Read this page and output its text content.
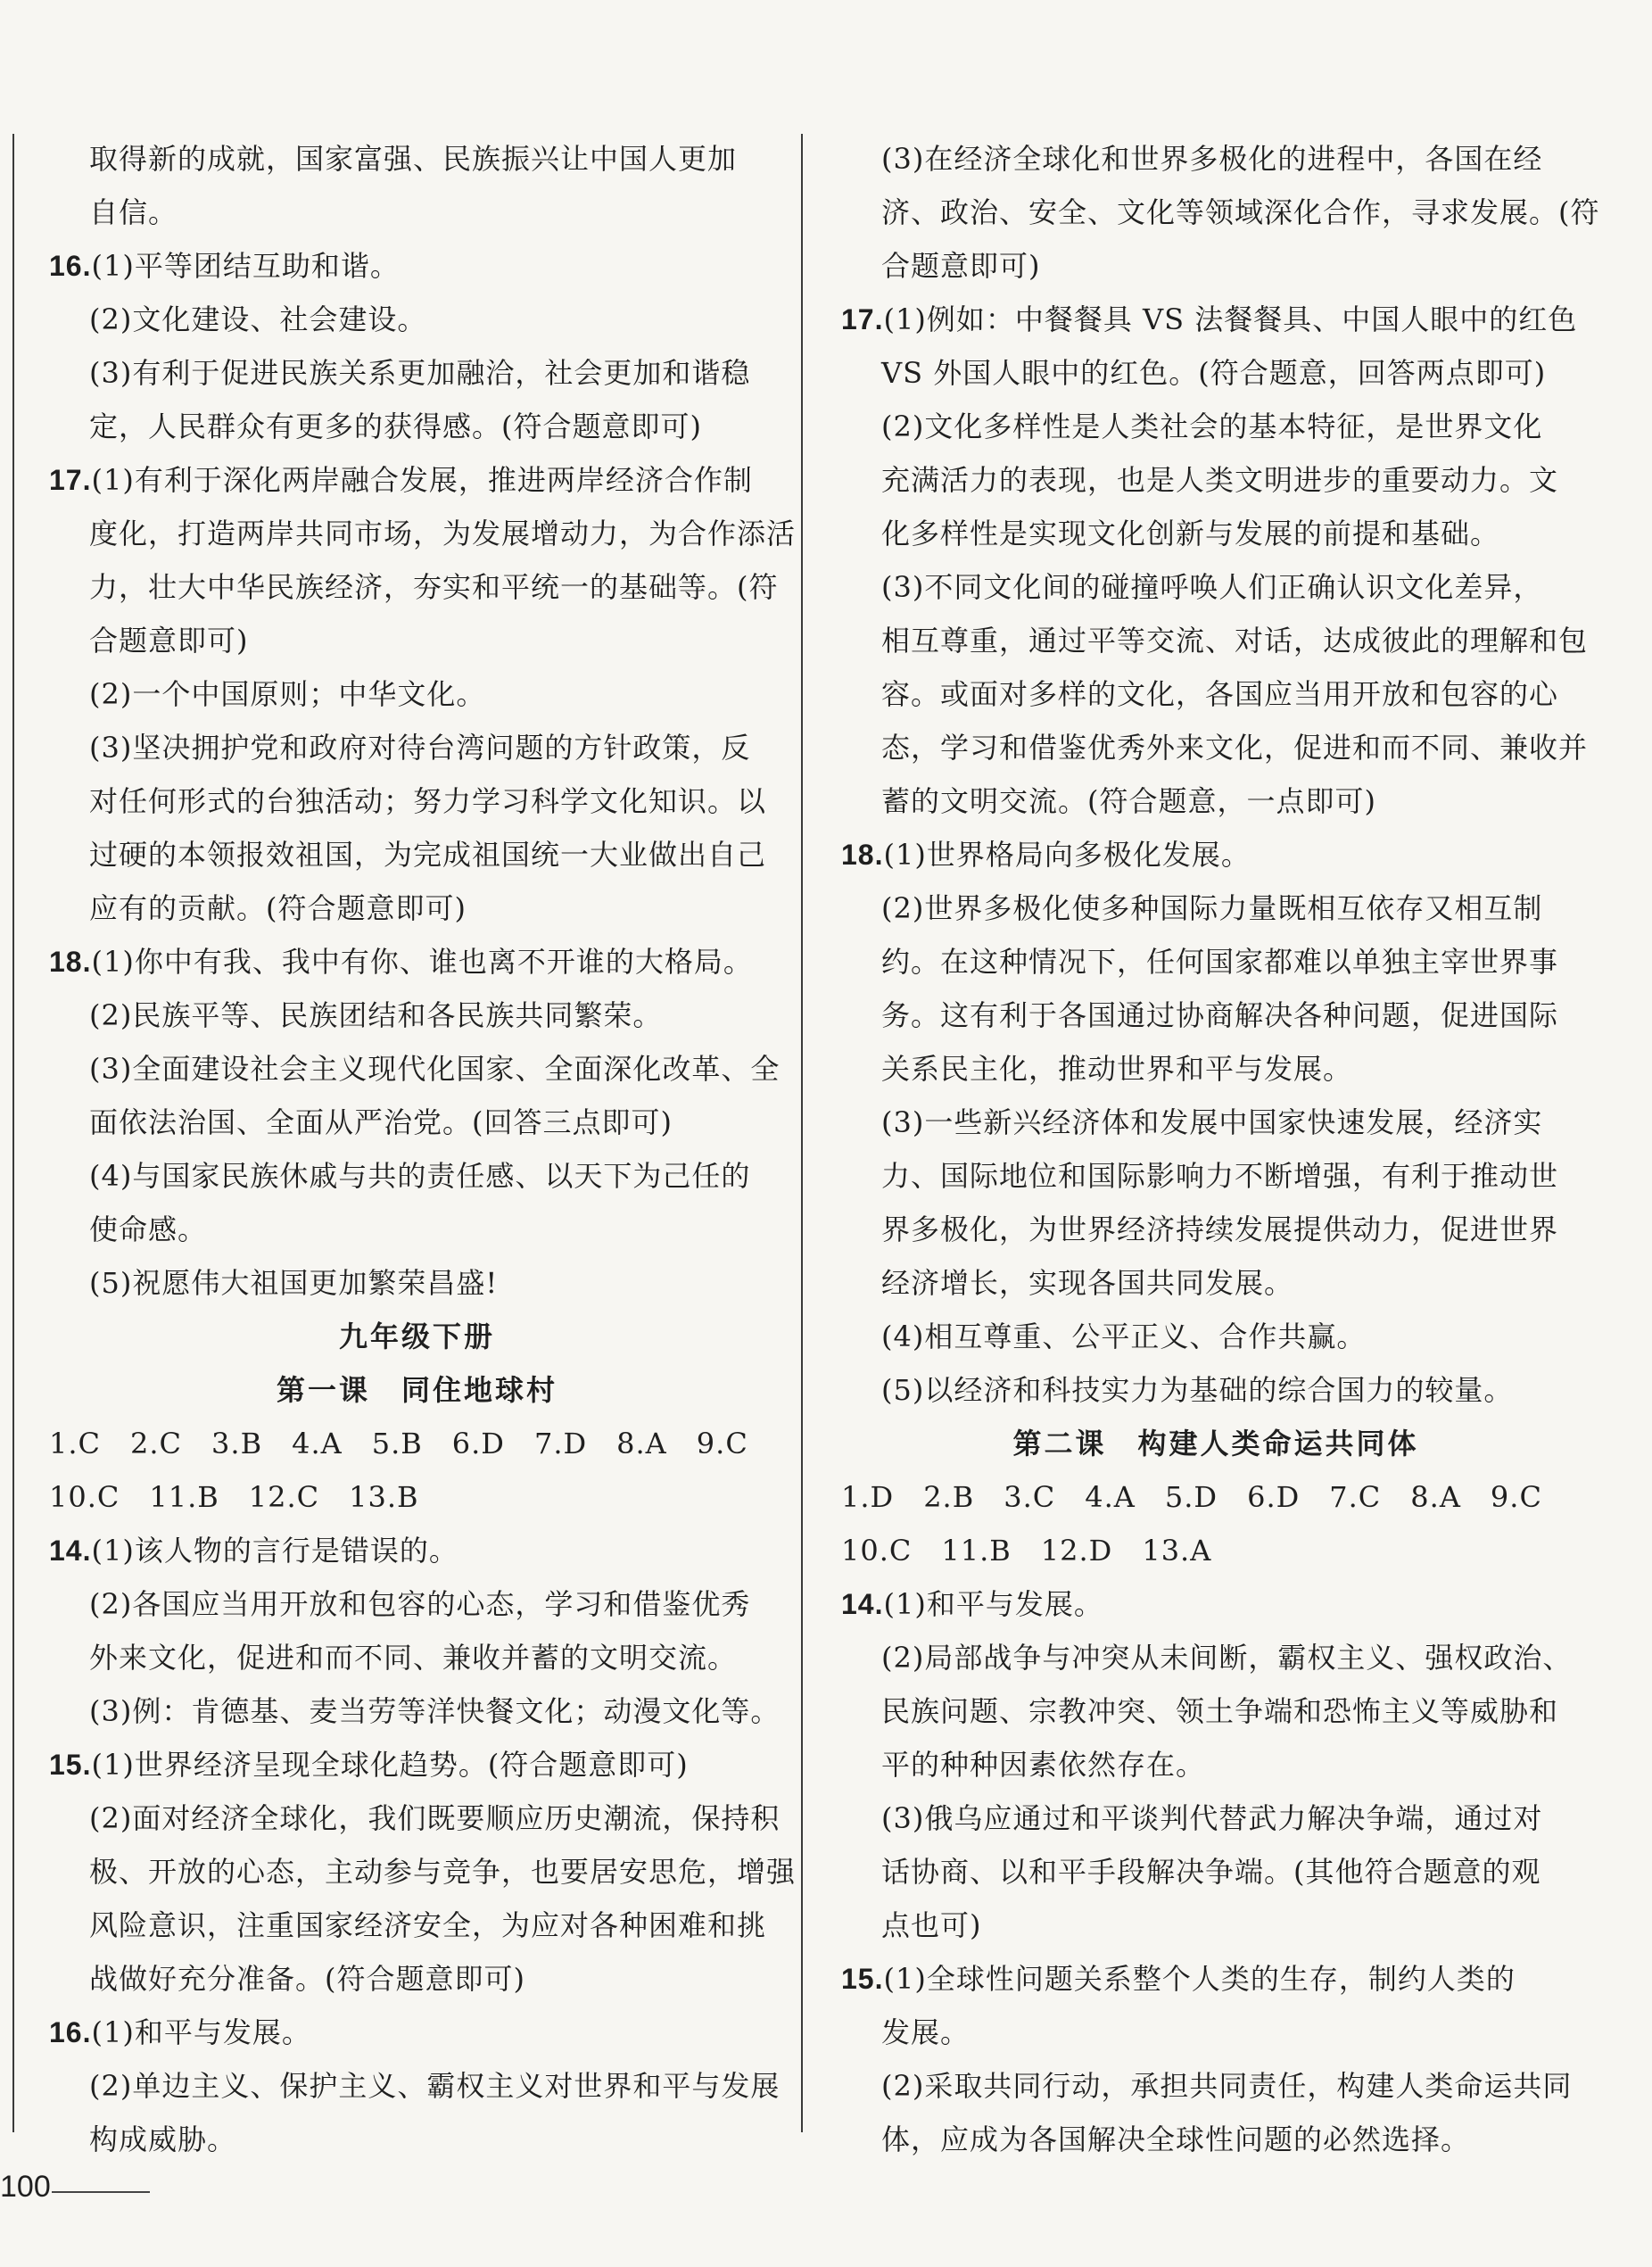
取得新的成就，国家富强、民族振兴让中国人更加
自信。
16.(1)平等团结互助和谐。
(2)文化建设、社会建设。
(3)有利于促进民族关系更加融洽，社会更加和谐稳
定，人民群众有更多的获得感。(符合题意即可)
17.(1)有利于深化两岸融合发展，推进两岸经济合作制
度化，打造两岸共同市场，为发展增动力，为合作添活
力，壮大中华民族经济，夯实和平统一的基础等。(符
合题意即可)
(2)一个中国原则；中华文化。
(3)坚决拥护党和政府对待台湾问题的方针政策，反
对任何形式的台独活动；努力学习科学文化知识。以
过硬的本领报效祖国，为完成祖国统一大业做出自己
应有的贡献。(符合题意即可)
18.(1)你中有我、我中有你、谁也离不开谁的大格局。
(2)民族平等、民族团结和各民族共同繁荣。
(3)全面建设社会主义现代化国家、全面深化改革、全
面依法治国、全面从严治党。(回答三点即可)
(4)与国家民族休戚与共的责任感、以天下为己任的
使命感。
(5)祝愿伟大祖国更加繁荣昌盛!
九年级下册
第一课　同住地球村
1.C　2.C　3.B　4.A　5.B　6.D　7.D　8.A　9.C
10.C　11.B　12.C　13.B
14.(1)该人物的言行是错误的。
(2)各国应当用开放和包容的心态，学习和借鉴优秀
外来文化，促进和而不同、兼收并蓄的文明交流。
(3)例：肯德基、麦当劳等洋快餐文化；动漫文化等。
15.(1)世界经济呈现全球化趋势。(符合题意即可)
(2)面对经济全球化，我们既要顺应历史潮流，保持积
极、开放的心态，主动参与竞争，也要居安思危，增强
风险意识，注重国家经济安全，为应对各种困难和挑
战做好充分准备。(符合题意即可)
16.(1)和平与发展。
(2)单边主义、保护主义、霸权主义对世界和平与发展
构成威胁。
(3)在经济全球化和世界多极化的进程中，各国在经
济、政治、安全、文化等领域深化合作，寻求发展。(符
合题意即可)
17.(1)例如：中餐餐具 VS 法餐餐具、中国人眼中的红色
VS 外国人眼中的红色。(符合题意，回答两点即可)
(2)文化多样性是人类社会的基本特征，是世界文化
充满活力的表现，也是人类文明进步的重要动力。文
化多样性是实现文化创新与发展的前提和基础。
(3)不同文化间的碰撞呼唤人们正确认识文化差异，
相互尊重，通过平等交流、对话，达成彼此的理解和包
容。或面对多样的文化，各国应当用开放和包容的心
态，学习和借鉴优秀外来文化，促进和而不同、兼收并
蓄的文明交流。(符合题意，一点即可)
18.(1)世界格局向多极化发展。
(2)世界多极化使多种国际力量既相互依存又相互制
约。在这种情况下，任何国家都难以单独主宰世界事
务。这有利于各国通过协商解决各种问题，促进国际
关系民主化，推动世界和平与发展。
(3)一些新兴经济体和发展中国家快速发展，经济实
力、国际地位和国际影响力不断增强，有利于推动世
界多极化，为世界经济持续发展提供动力，促进世界
经济增长，实现各国共同发展。
(4)相互尊重、公平正义、合作共赢。
(5)以经济和科技实力为基础的综合国力的较量。
第二课　构建人类命运共同体
1.D　2.B　3.C　4.A　5.D　6.D　7.C　8.A　9.C
10.C　11.B　12.D　13.A
14.(1)和平与发展。
(2)局部战争与冲突从未间断，霸权主义、强权政治、
民族问题、宗教冲突、领土争端和恐怖主义等威胁和
平的种种因素依然存在。
(3)俄乌应通过和平谈判代替武力解决争端，通过对
话协商、以和平手段解决争端。(其他符合题意的观
点也可)
15.(1)全球性问题关系整个人类的生存，制约人类的
发展。
(2)采取共同行动，承担共同责任，构建人类命运共同
体，应成为各国解决全球性问题的必然选择。
100
